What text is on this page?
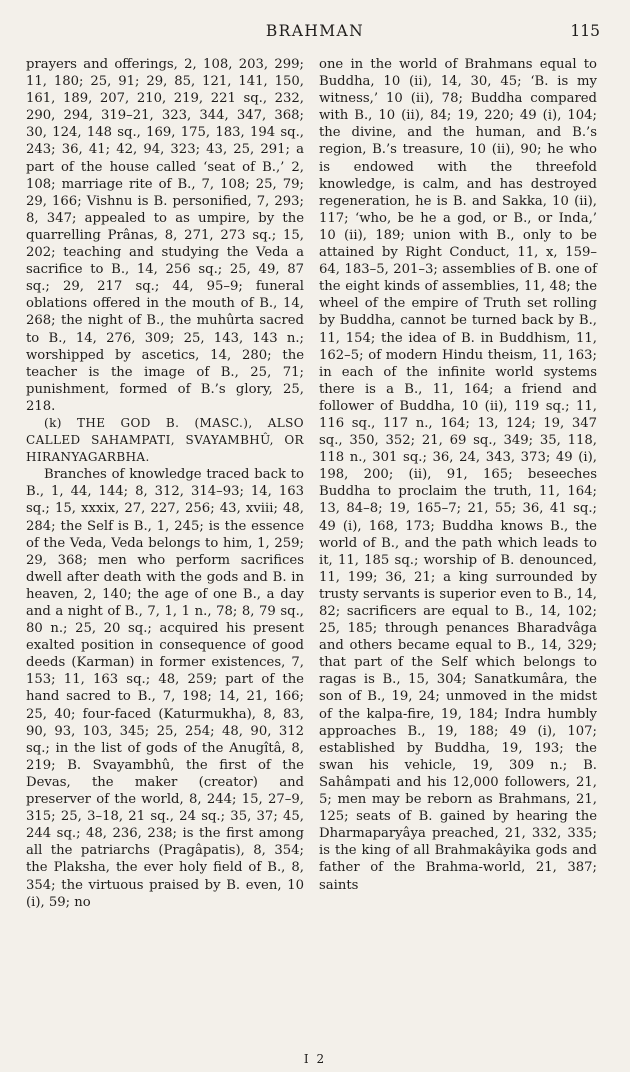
BRAHMAN	115

prayers and offerings, 2, 108, 203, 299; 11, 180; 25, 91; 29, 85, 121, 141, 150, 161, 189, 207, 210, 219, 221 sq., 232, 290, 294, 319–21, 323, 344, 347, 368; 30, 124, 148 sq., 169, 175, 183, 194 sq., 243; 36, 41; 42, 94, 323; 43, 25, 291; a part of the house called ‘seat of B.,’ 2, 108; marriage rite of B., 7, 108; 25, 79; 29, 166; Vishnu is B. personified, 7, 293; 8, 347; appealed to as umpire, by the quarrelling Prânas, 8, 271, 273 sq.; 15, 202; teaching and studying the Veda a sacrifice to B., 14, 256 sq.; 25, 49, 87 sq.; 29, 217 sq.; 44, 95–9; funeral oblations offered in the mouth of B., 14, 268; the night of B., the muhûrta sacred to B., 14, 276, 309; 25, 143, 143 n.; worshipped by ascetics, 14, 280; the teacher is the image of B., 25, 71; punishment, formed of B.’s glory, 25, 218.

(k) THE GOD B. (MASC.), ALSO CALLED SAHAMPATI, SVAYAMBHÛ, OR HIRANYAGARBHA.

Branches of knowledge traced back to B., 1, 44, 144; 8, 312, 314–93; 14, 163 sq.; 15, xxxix, 27, 227, 256; 43, xviii; 48, 284; the Self is B., 1, 245; is the essence of the Veda, Veda belongs to him, 1, 259; 29, 368; men who perform sacrifices dwell after death with the gods and B. in heaven, 2, 140; the age of one B., a day and a night of B., 7, 1, 1 n., 78; 8, 79 sq., 80 n.; 25, 20 sq.; acquired his present exalted position in consequence of good deeds (Karman) in former existences, 7, 153; 11, 163 sq.; 48, 259; part of the hand sacred to B., 7, 198; 14, 21, 166; 25, 40; four-faced (Katurmukha), 8, 83, 90, 93, 103, 345; 25, 254; 48, 90, 312 sq.; in the list of gods of the Anugîtâ, 8, 219; B. Svayambhû, the first of the Devas, the maker (creator) and preserver of the world, 8, 244; 15, 27–9, 315; 25, 3–18, 21 sq., 24 sq.; 35, 37; 45, 244 sq.; 48, 236, 238; is the first among all the patriarchs (Pragâpatis), 8, 354; the Plaksha, the ever holy field of B., 8, 354; the virtuous praised by B. even, 10 (i), 59; no

one in the world of Brahmans equal to Buddha, 10 (ii), 14, 30, 45; ‘B. is my witness,’ 10 (ii), 78; Buddha compared with B., 10 (ii), 84; 19, 220; 49 (i), 104; the divine, and the human, and B.’s region, B.’s treasure, 10 (ii), 90; he who is endowed with the threefold knowledge, is calm, and has destroyed regeneration, he is B. and Sakka, 10 (ii), 117; ‘who, be he a god, or B., or Inda,’ 10 (ii), 189; union with B., only to be attained by Right Conduct, 11, x, 159–64, 183–5, 201–3; assemblies of B. one of the eight kinds of assemblies, 11, 48; the wheel of the empire of Truth set rolling by Buddha, cannot be turned back by B., 11, 154; the idea of B. in Buddhism, 11, 162–5; of modern Hindu theism, 11, 163; in each of the infinite world systems there is a B., 11, 164; a friend and follower of Buddha, 10 (ii), 119 sq.; 11, 116 sq., 117 n., 164; 13, 124; 19, 347 sq., 350, 352; 21, 69 sq., 349; 35, 118, 118 n., 301 sq.; 36, 24, 343, 373; 49 (i), 198, 200; (ii), 91, 165; beseeches Buddha to proclaim the truth, 11, 164; 13, 84–8; 19, 165–7; 21, 55; 36, 41 sq.; 49 (i), 168, 173; Buddha knows B., the world of B., and the path which leads to it, 11, 185 sq.; worship of B. denounced, 11, 199; 36, 21; a king surrounded by trusty servants is superior even to B., 14, 82; sacrificers are equal to B., 14, 102; 25, 185; through penances Bharadvâga and others became equal to B., 14, 329; that part of the Self which belongs to ragas is B., 15, 304; Sanatkumâra, the son of B., 19, 24; unmoved in the midst of the kalpa-fire, 19, 184; Indra humbly approaches B., 19, 188; 49 (i), 107; established by Buddha, 19, 193; the swan his vehicle, 19, 309 n.; B. Sahâmpati and his 12,000 followers, 21, 5; men may be reborn as Brahmans, 21, 125; seats of B. gained by hearing the Dharmaparyâya preached, 21, 332, 335; is the king of all Brahmakâyika gods and father of the Brahma-world, 21, 387; saints

I 2
